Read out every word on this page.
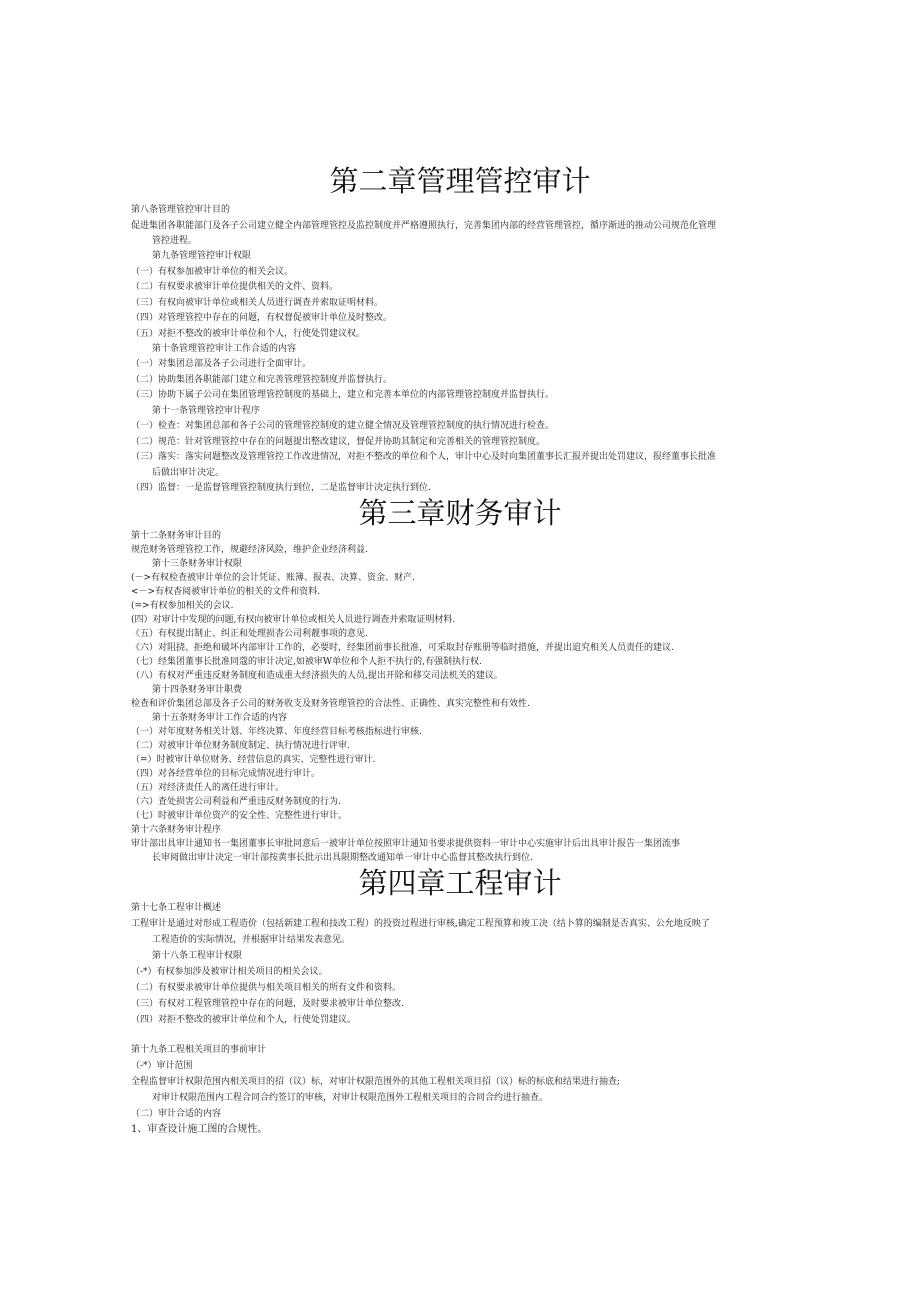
第二章管理管控审计
第八条管理管控审计目的
促进集团各职能部门及各子公司建立健全内部管理管控及监控制度并严格遵照执行，完善集团内部的经营管理管控，循序渐进的推动公司规范化管理
管控进程。
第九条管理管控审计权限
（一）有权参加被审计单位的相关会议。
（二）有权要求被审计单位提供相关的文件、资料。
（三）有权向被审计单位或相关人员进行调查并索取证明材料。
（四）对管理管控中存在的问题，有权督促被审计单位及时整改。
（五）对拒不整改的被审计单位和个人，行使处罚建议权。
第十条管理管控审计工作合适的内容
（一）对集团总部及各子公司进行全面审计。
（二）协助集团各职能部门建立和完善管理管控制度并监督执行。
（三）协助下属子公司在集团管理管控制度的基础上，建立和完善本单位的内部管理管控制度并监督执行。
第十一条管理管控审计程序
（一）检查：对集团总部和各子公司的管理管控制度的建立健全情况及管理管控制度的执行情况进行检查。
（二）规范：针对管理管控中存在的问题提出整改建议，督促并协助其制定和完善相关的管理管控制度。
（三）落实：落实问题整改及管理管控工作改进情况，对拒不整改的单位和个人，审计中心及时向集团董事长汇报并提出处罚建议，报经董事长批准
后做出审计决定。
（四）监督：一是监督管理管控制度执行到位，二是监督审计决定执行到位.
第三章财务审计
第十二条财务审计目的
规范财务管理管控工作，规避经济风险，维护企业经济利益.
第十三条财务审计权限
(－>有权检查被审计单位的会计凭证、账簿、报表、决算、资金、财产.
<－>有权杳阅被审计单位的相关的文件和资料.
(=>有权参加相关的会议.
(四）对审计中发现的问题,有权向被审计单位或相关人员进行调查并索取证明材料.
《五）有权提出制止、纠正和处理损杳公司利靓事项的意见.
《六）对阻挠、拒绝和破坏内部审计工作的，必要时，经集团前事长批准，可采取封存账册等临时措施，并提出追究相关人员责任的建议.
（七）经集团董事长批准同蔻的审计决定,如被审W单位和个人拒不执行的,有强制执行权.
（八）有权对严重违反财务制度和造成重大经济损失的人员,提出开除和移交司法机关的建议。
第十四条财务审计职费
检查和评价集团总部及各子公司的财务收支及财务管理管控的合法性、正确性、真实完整性和有效性.
第十五条财务审计工作合适的内容
（一）对年度财务相关计划、年终决算、年度经营目标考核指标进行审核.
（二）对被审计单位财务制度制定、执行情况进行评审.
（=）时被审计单位财务、经营信息的真实、完整性进行审计.
（四）对各经营单位的目标完成情况进行审计。
（五）对经济责任人的离任进行审计。
（六）査处损害公司利益和严重违反财务制度的行为.
（七）时被审计单位资产的安全性、完整性进行审计。
第十六条财务审计程序
审计部出具审计通知书一集团董事长审批同意后一被审计单位按照审计通知书要求提供资料一审计中心实施审计后出具审计报告一集团流事
长审阅做出审计决定一审计部按黄事长批示出具限期整改通知单一审计中心监督其整改执行到位.
第四章工程审计
第十七条工程审计概述
工程审计是通过对形成工程造价（包括新建工程和技改工程）的投资过程进行审核,确定工程预算和竣工决（结卜算的编制是否真实、公允地反映了
工程造价的实际情况，并根据审计结果发表意见。
第十八条工程审计权限
（-*）有权参加涉及被审计相关项目的相关会议。
（二）有权要求被审计单位提供与相关项目相关的所有文件和资料。
（三）有权对工程管理管控中存在的问题，及时要求被审计单位整改.
（四）对拒不整改的被审计单位和个人，行使处罚建议。
第十九条工程相关项目的事前审计
（-*）审计范围
全程监督审计权限范围内相关项目的招（议）标，对审计权限范围外的其他工程相关项目招（议）标的标底和结果进行抽查;
对审计权限范围内工程合同合约签订的审核，对审计权限范围外工程相关项目的合同合约进行抽查。
（二）审计合适的内容
1、审查设计施工图的合规性。
